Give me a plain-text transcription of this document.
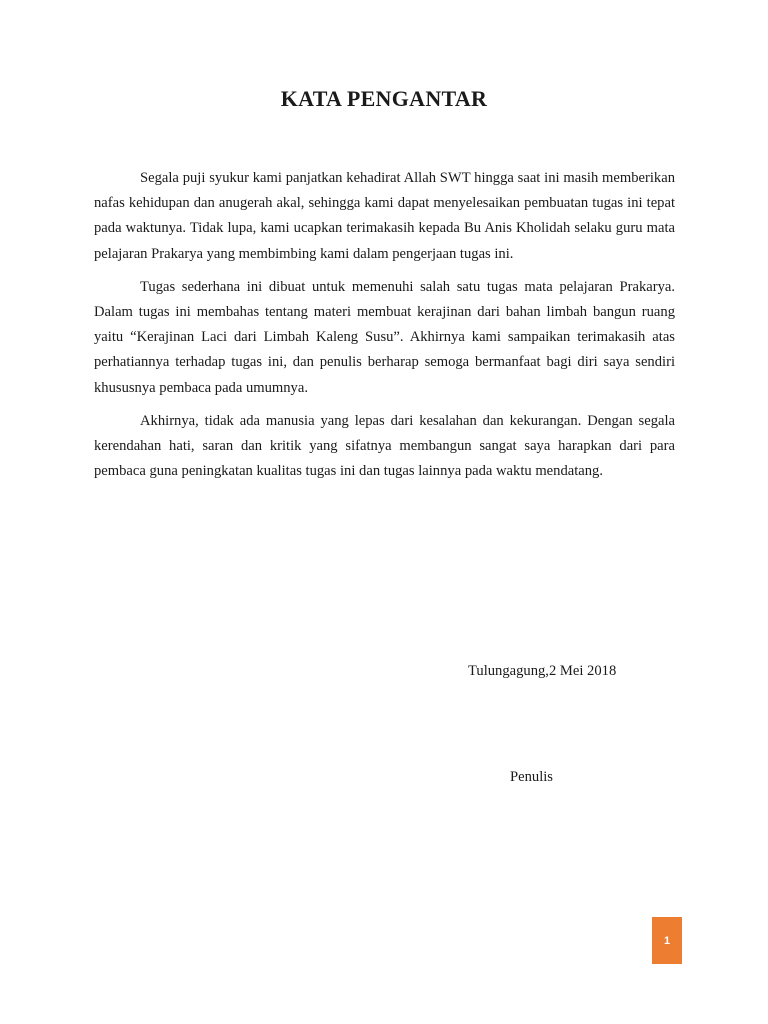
KATA PENGANTAR

Segala puji syukur kami panjatkan kehadirat Allah SWT hingga saat ini masih memberikan nafas kehidupan dan anugerah akal, sehingga kami dapat menyelesaikan pembuatan tugas ini tepat pada waktunya. Tidak lupa, kami ucapkan terimakasih kepada Bu Anis Kholidah selaku guru mata pelajaran Prakarya yang membimbing kami dalam pengerjaan tugas ini.

Tugas sederhana ini dibuat untuk memenuhi salah satu tugas mata pelajaran Prakarya. Dalam tugas ini membahas tentang materi membuat kerajinan dari bahan limbah bangun ruang yaitu “Kerajinan Laci dari Limbah Kaleng Susu”. Akhirnya kami sampaikan terimakasih atas perhatiannya terhadap tugas ini, dan penulis berharap semoga bermanfaat bagi diri saya sendiri khususnya pembaca pada umumnya.

Akhirnya, tidak ada manusia yang lepas dari kesalahan dan kekurangan. Dengan segala kerendahan hati, saran dan kritik yang sifatnya membangun sangat saya harapkan dari para pembaca guna peningkatan kualitas tugas ini dan tugas lainnya pada waktu mendatang.

Tulungagung,2 Mei 2018
Penulis
1
